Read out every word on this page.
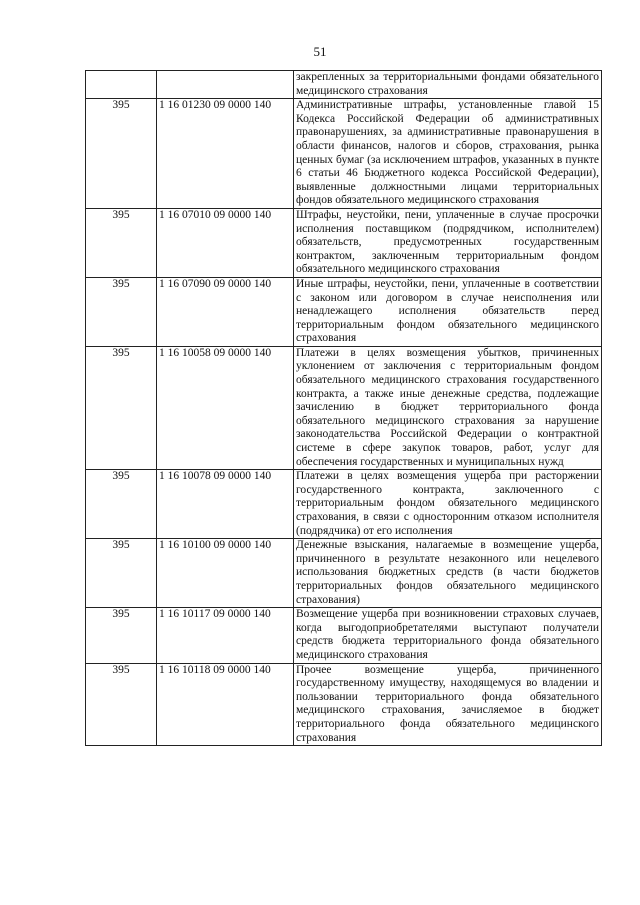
51
		закрепленных за территориальными фондами обязательного медицинского страхования
395	1 16 01230 09 0000 140	Административные штрафы, установленные главой 15 Кодекса Российской Федерации об административных правонарушениях, за административные правонарушения в области финансов, налогов и сборов, страхования, рынка ценных бумаг (за исключением штрафов, указанных в пункте 6 статьи 46 Бюджетного кодекса Российской Федерации), выявленные должностными лицами территориальных фондов обязательного медицинского страхования
395	1 16 07010 09 0000 140	Штрафы, неустойки, пени, уплаченные в случае просрочки исполнения поставщиком (подрядчиком, исполнителем) обязательств, предусмотренных государственным контрактом, заключенным территориальным фондом обязательного медицинского страхования
395	1 16 07090 09 0000 140	Иные штрафы, неустойки, пени, уплаченные в соответствии с законом или договором в случае неисполнения или ненадлежащего исполнения обязательств перед территориальным фондом обязательного медицинского страхования
395	1 16 10058 09 0000 140	Платежи в целях возмещения убытков, причиненных уклонением от заключения с территориальным фондом обязательного медицинского страхования государственного контракта, а также иные денежные средства, подлежащие зачислению в бюджет территориального фонда обязательного медицинского страхования за нарушение законодательства Российской Федерации о контрактной системе в сфере закупок товаров, работ, услуг для обеспечения государственных и муниципальных нужд
395	1 16 10078 09 0000 140	Платежи в целях возмещения ущерба при расторжении государственного контракта, заключенного с территориальным фондом обязательного медицинского страхования, в связи с односторонним отказом исполнителя (подрядчика) от его исполнения
395	1 16 10100 09 0000 140	Денежные взыскания, налагаемые в возмещение ущерба, причиненного в результате незаконного или нецелевого использования бюджетных средств (в части бюджетов территориальных фондов обязательного медицинского страхования)
395	1 16 10117 09 0000 140	Возмещение ущерба при возникновении страховых случаев, когда выгодоприобретателями выступают получатели средств бюджета территориального фонда обязательного медицинского страхования
395	1 16 10118 09 0000 140	Прочее возмещение ущерба, причиненного государственному имуществу, находящемуся во владении и пользовании территориального фонда обязательного медицинского страхования, зачисляемое в бюджет территориального фонда обязательного медицинского страхования
